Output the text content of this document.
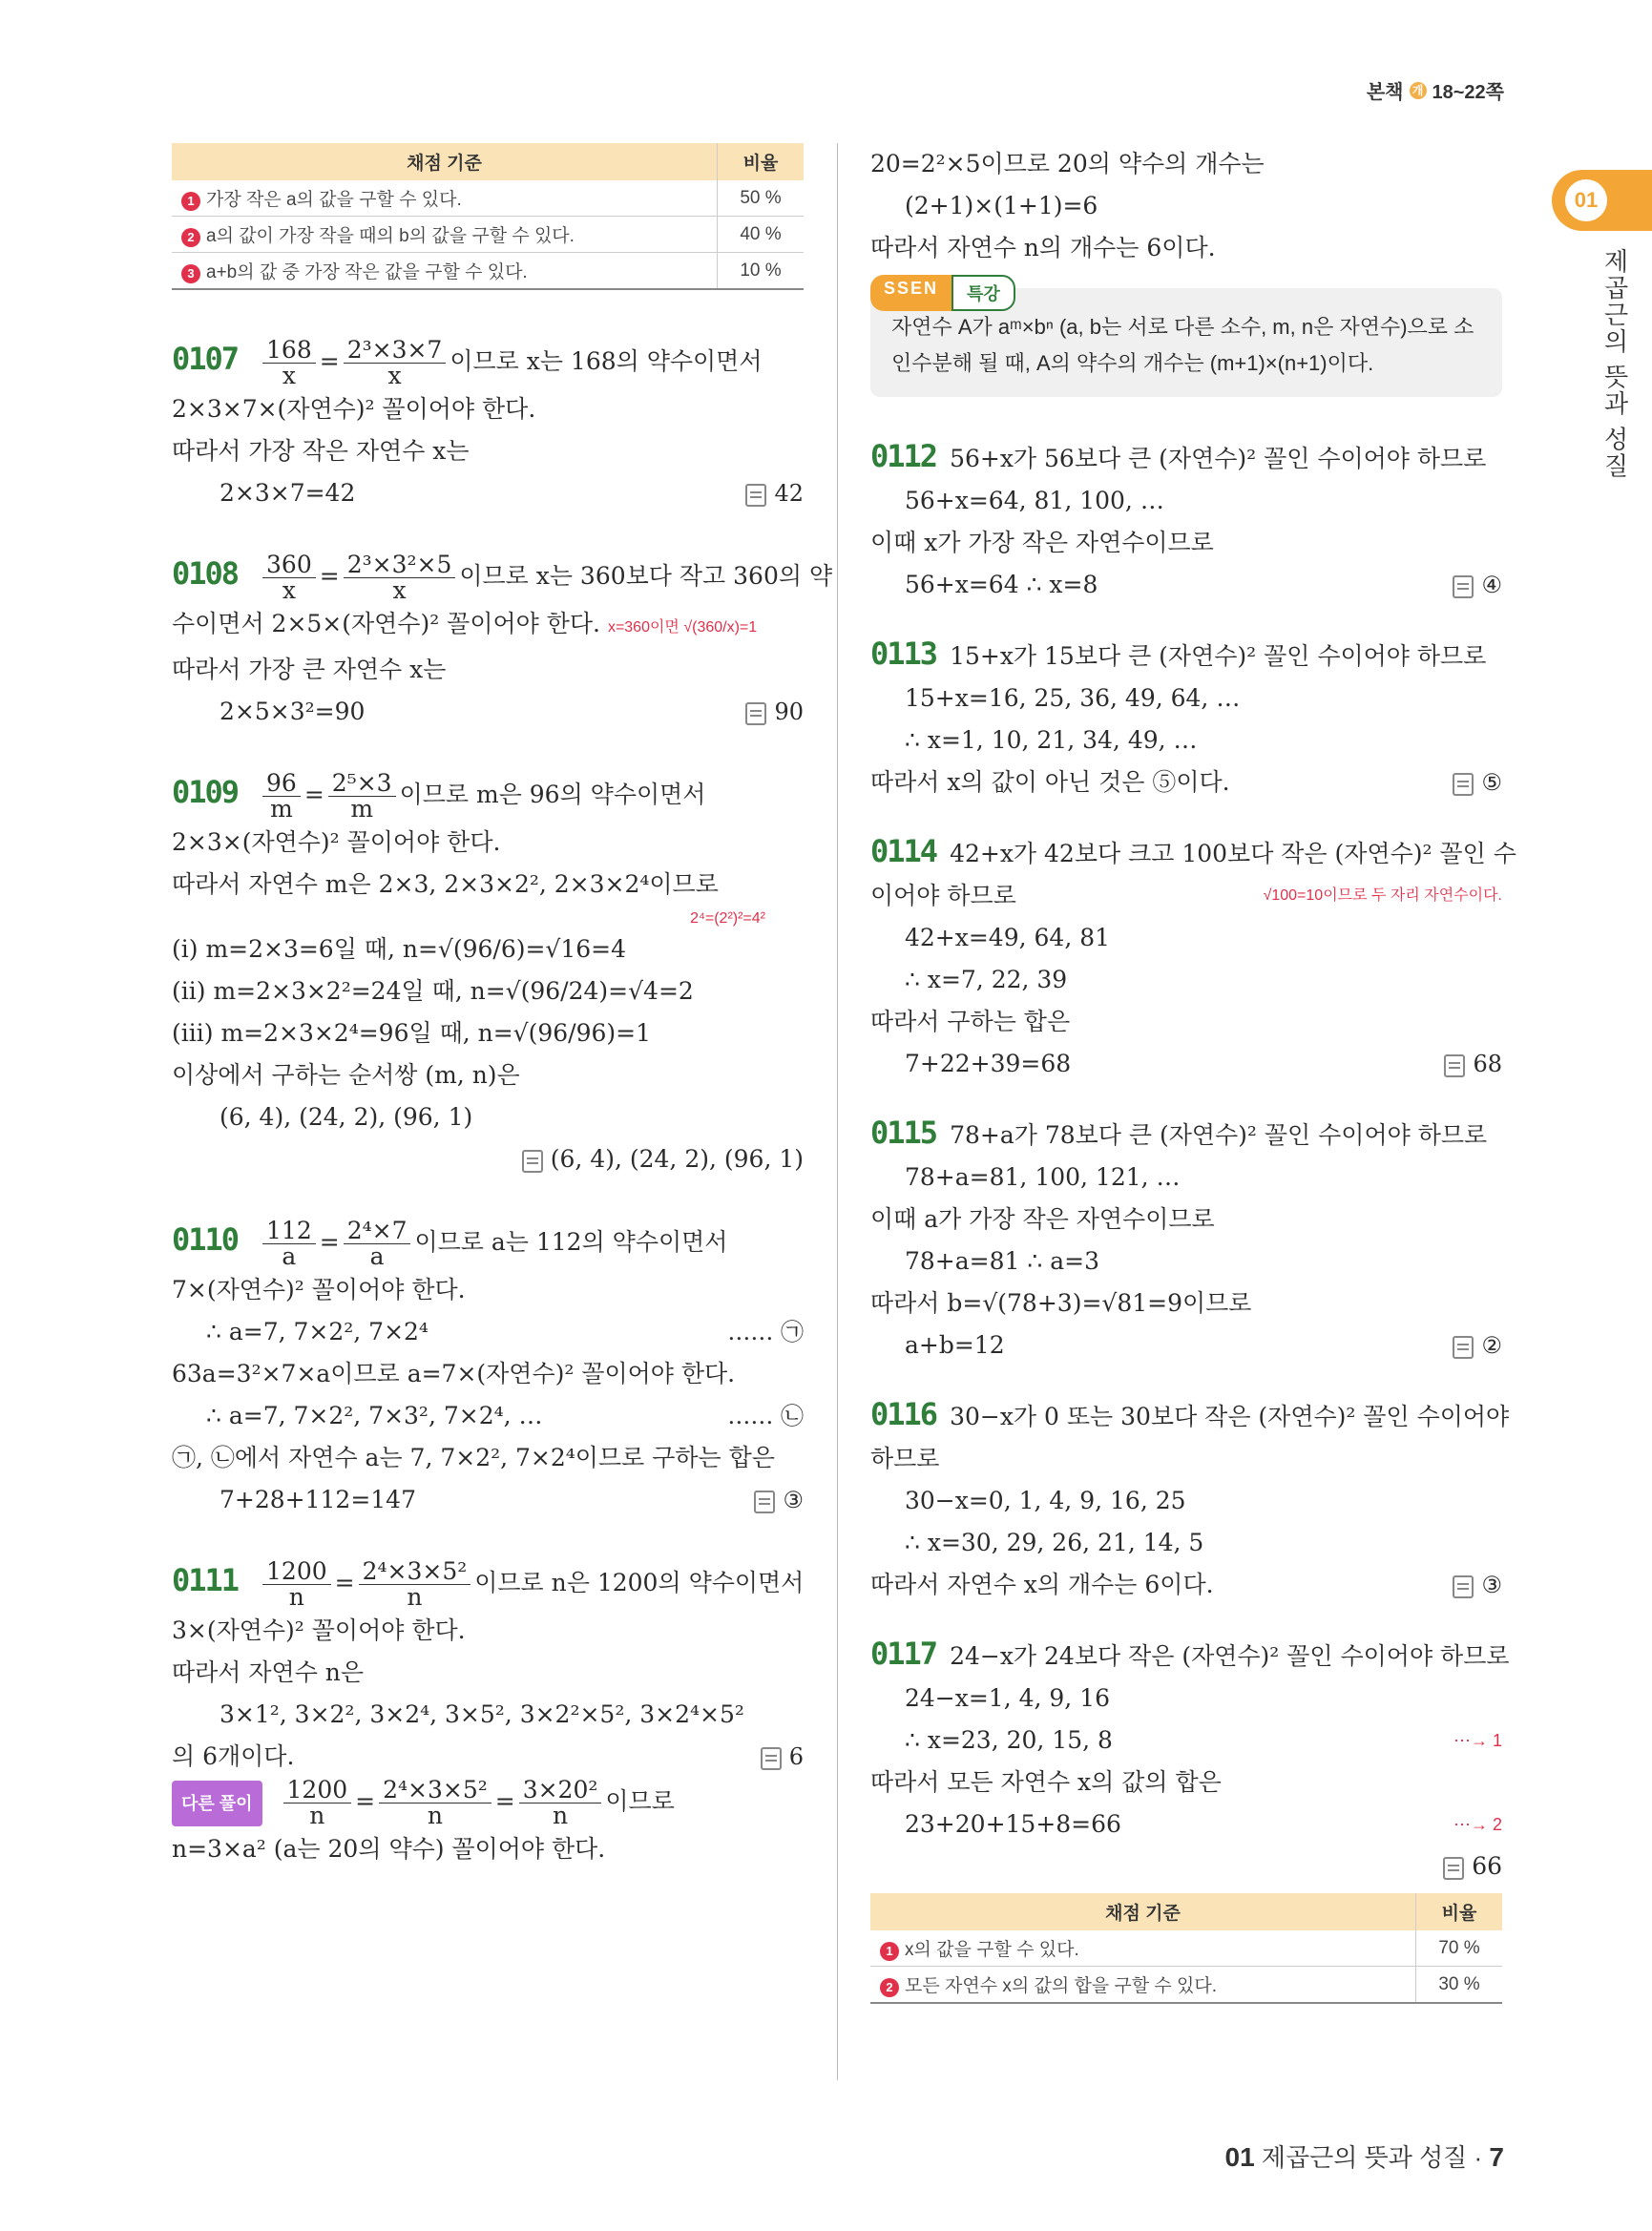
본책 개 18~22쪽
01
제곱근의 뜻과 성질
채점 기준	비율
1 가장 작은 a의 값을 구할 수 있다.	50 %
2 a의 값이 가장 작을 때의 b의 값을 구할 수 있다.	40 %
3 a+b의 값 중 가장 작은 값을 구할 수 있다.	10 %
$0107 \frac{168}{x} = \frac{\text{2³×3×7}}{x}$ 이므로 x는 168의 약수이면서
2×3×7×(자연수)² 꼴이어야 한다.
따라서 가장 작은 자연수 x는
2×3×7=42	42
$0108 \frac{360}{x} = \frac{\text{2³×3²×5}}{x}$ 이므로 x는 360보다 작고 360의 약
수이면서 2×5×(자연수)² 꼴이어야 한다. x=360이면 √(360/x)=1
따라서 가장 큰 자연수 x는
2×5×3²=90	90
$0109 \frac{96}{m} = \frac{\text{2⁵×3}}{m}$ 이므로 m은 96의 약수이면서
2×3×(자연수)² 꼴이어야 한다.
따라서 자연수 m은 2×3, 2×3×2², 2×3×2⁴이므로
2⁴=(2²)²=4²
(i) m=2×3=6일 때, n=√(96/6)=√16=4
(ii) m=2×3×2²=24일 때, n=√(96/24)=√4=2
(iii) m=2×3×2⁴=96일 때, n=√(96/96)=1
이상에서 구하는 순서쌍 (m, n)은
(6, 4), (24, 2), (96, 1)
(6, 4), (24, 2), (96, 1)
$0110 \frac{112}{a} = \frac{\text{2⁴×7}}{a}$ 이므로 a는 112의 약수이면서
7×(자연수)² 꼴이어야 한다.
∴ a=7, 7×2², 7×2⁴	…… ㉠
63a=3²×7×a이므로 a=7×(자연수)² 꼴이어야 한다.
∴ a=7, 7×2², 7×3², 7×2⁴, …	…… ㉡
㉠, ㉡에서 자연수 a는 7, 7×2², 7×2⁴이므로 구하는 합은
7+28+112=147	③
$0111 \frac{1200}{n} = \frac{\text{2⁴×3×5²}}{n}$ 이므로 n은 1200의 약수이면서
3×(자연수)² 꼴이어야 한다.
따라서 자연수 n은
3×1², 3×2², 3×2⁴, 3×5², 3×2²×5², 3×2⁴×5²
의 6개이다.	6
다른 풀이 $\frac{1200}{n} = \frac{\text{2⁴×3×5²}}{n} = \frac{\text{3×20²}}{n}$ 이므로
n=3×a² (a는 20의 약수) 꼴이어야 한다.
20=2²×5이므로 20의 약수의 개수는
(2+1)×(1+1)=6
따라서 자연수 n의 개수는 6이다.
SSEN	특강
자연수 A가 aᵐ×bⁿ (a, b는 서로 다른 소수, m, n은 자연수)으로 소인수분해 될 때, A의 약수의 개수는 (m+1)×(n+1)이다.
0112 56+x가 56보다 큰 (자연수)² 꼴인 수이어야 하므로
56+x=64, 81, 100, …
이때 x가 가장 작은 자연수이므로
56+x=64 ∴ x=8	④
0113 15+x가 15보다 큰 (자연수)² 꼴인 수이어야 하므로
15+x=16, 25, 36, 49, 64, …
∴ x=1, 10, 21, 34, 49, …
따라서 x의 값이 아닌 것은 ⑤이다.	⑤
0114 42+x가 42보다 크고 100보다 작은 (자연수)² 꼴인 수
이어야 하므로	√100=10이므로 두 자리 자연수이다.
42+x=49, 64, 81
∴ x=7, 22, 39
따라서 구하는 합은
7+22+39=68	68
0115 78+a가 78보다 큰 (자연수)² 꼴인 수이어야 하므로
78+a=81, 100, 121, …
이때 a가 가장 작은 자연수이므로
78+a=81 ∴ a=3
따라서 b=√(78+3)=√81=9이므로
a+b=12	②
0116 30−x가 0 또는 30보다 작은 (자연수)² 꼴인 수이어야
하므로
30−x=0, 1, 4, 9, 16, 25
∴ x=30, 29, 26, 21, 14, 5
따라서 자연수 x의 개수는 6이다.	③
0117 24−x가 24보다 작은 (자연수)² 꼴인 수이어야 하므로
24−x=1, 4, 9, 16
∴ x=23, 20, 15, 8	⋯→ 1
따라서 모든 자연수 x의 값의 합은
23+20+15+8=66	⋯→ 2
66
채점 기준	비율
1 x의 값을 구할 수 있다.	70 %
2 모든 자연수 x의 값의 합을 구할 수 있다.	30 %
01 제곱근의 뜻과 성질 · 7
